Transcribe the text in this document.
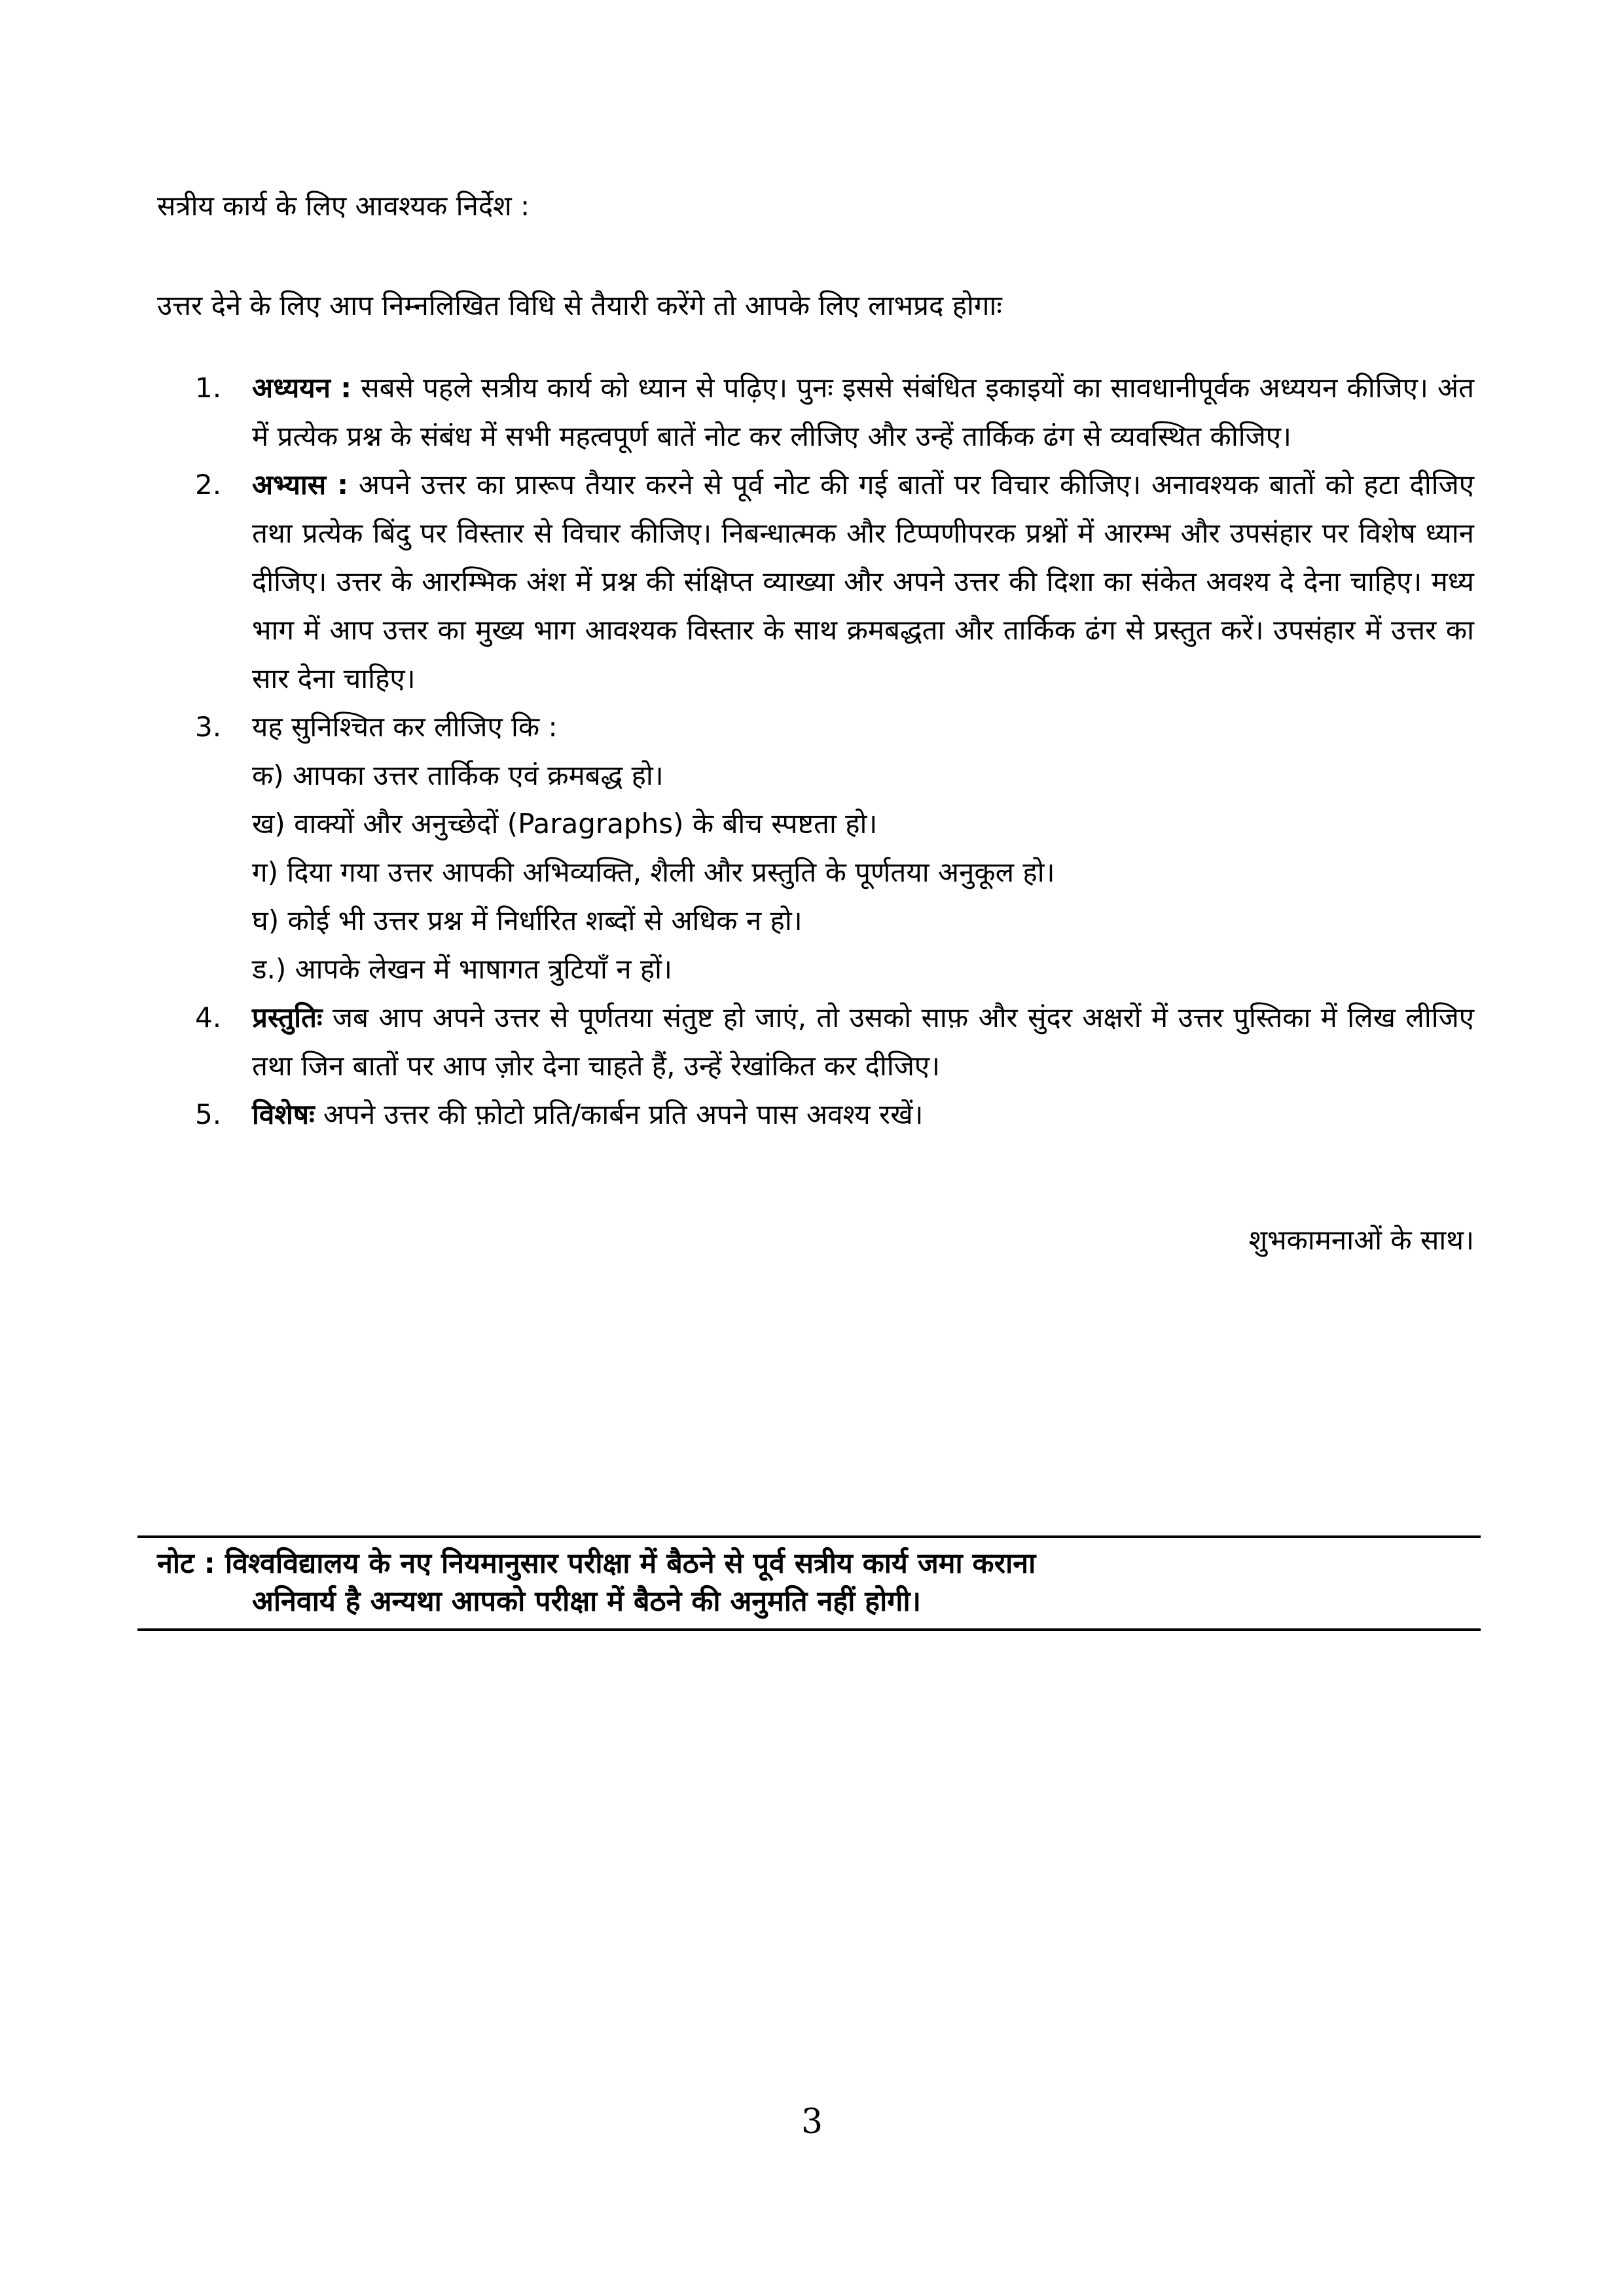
सत्रीय कार्य के लिए आवश्यक निर्देश :

उत्तर देने के लिए आप निम्नलिखित विधि से तैयारी करेंगे तो आपके लिए लाभप्रद होगाः

1.	अध्ययन : सबसे पहले सत्रीय कार्य को ध्यान से पढ़िए। पुनः इससे संबंधित इकाइयों का सावधानीपूर्वक अध्ययन कीजिए। अंत में प्रत्येक प्रश्न के संबंध में सभी महत्वपूर्ण बातें नोट कर लीजिए और उन्हें तार्किक ढंग से व्यवस्थित कीजिए।
2.	अभ्यास : अपने उत्तर का प्रारूप तैयार करने से पूर्व नोट की गई बातों पर विचार कीजिए। अनावश्यक बातों को हटा दीजिए तथा प्रत्येक बिंदु पर विस्तार से विचार कीजिए। निबन्धात्मक और टिप्पणीपरक प्रश्नों में आरम्भ और उपसंहार पर विशेष ध्यान दीजिए। उत्तर के आरम्भिक अंश में प्रश्न की संक्षिप्त व्याख्या और अपने उत्तर की दिशा का संकेत अवश्य दे देना चाहिए। मध्य भाग में आप उत्तर का मुख्य भाग आवश्यक विस्तार के साथ क्रमबद्धता और तार्किक ढंग से प्रस्तुत करें। उपसंहार में उत्तर का सार देना चाहिए।
3.	यह सुनिश्चित कर लीजिए कि :
क) आपका उत्तर तार्किक एवं क्रमबद्ध हो।
ख) वाक्यों और अनुच्छेदों (Paragraphs) के बीच स्पष्टता हो।
ग) दिया गया उत्तर आपकी अभिव्यक्ति, शैली और प्रस्तुति के पूर्णतया अनुकूल हो।
घ) कोई भी उत्तर प्रश्न में निर्धारित शब्दों से अधिक न हो।
ड.) आपके लेखन में भाषागत त्रुटियाँ न हों।
4.	प्रस्तुतिः जब आप अपने उत्तर से पूर्णतया संतुष्ट हो जाएं, तो उसको साफ़ और सुंदर अक्षरों में उत्तर पुस्तिका में लिख लीजिए तथा जिन बातों पर आप ज़ोर देना चाहते हैं, उन्हें रेखांकित कर दीजिए।
5.	विशेषः अपने उत्तर की फ़ोटो प्रति/कार्बन प्रति अपने पास अवश्य रखें।

शुभकामनाओं के साथ।

नोट : विश्वविद्यालय के नए नियमानुसार परीक्षा में बैठने से पूर्व सत्रीय कार्य जमा कराना
अनिवार्य है अन्यथा आपको परीक्षा में बैठने की अनुमति नहीं होगी।
3
